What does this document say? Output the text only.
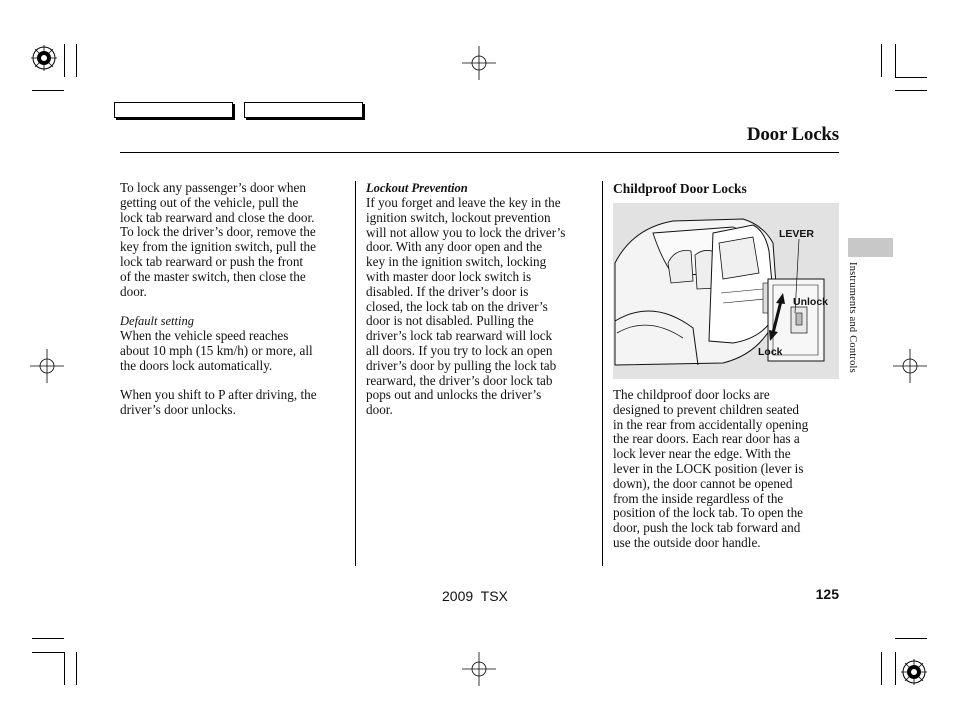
Door Locks
Instruments and Controls
To lock any passenger’s door when
getting out of the vehicle, pull the
lock tab rearward and close the door.
To lock the driver’s door, remove the
key from the ignition switch, pull the
lock tab rearward or push the front
of the master switch, then close the
door.
Default setting
When the vehicle speed reaches
about 10 mph (15 km/h) or more, all
the doors lock automatically.
When you shift to P after driving, the
driver’s door unlocks.
Lockout Prevention
If you forget and leave the key in the
ignition switch, lockout prevention
will not allow you to lock the driver’s
door. With any door open and the
key in the ignition switch, locking
with master door lock switch is
disabled. If the driver’s door is
closed, the lock tab on the driver’s
door is not disabled. Pulling the
driver’s lock tab rearward will lock
all doors. If you try to lock an open
driver’s door by pulling the lock tab
rearward, the driver’s door lock tab
pops out and unlocks the driver’s
door.
Childproof Door Locks
LEVER
Unlock
Lock
The childproof door locks are
designed to prevent children seated
in the rear from accidentally opening
the rear doors. Each rear door has a
lock lever near the edge. With the
lever in the LOCK position (lever is
down), the door cannot be opened
from the inside regardless of the
position of the lock tab. To open the
door, push the lock tab forward and
use the outside door handle.
2009  TSX	125
